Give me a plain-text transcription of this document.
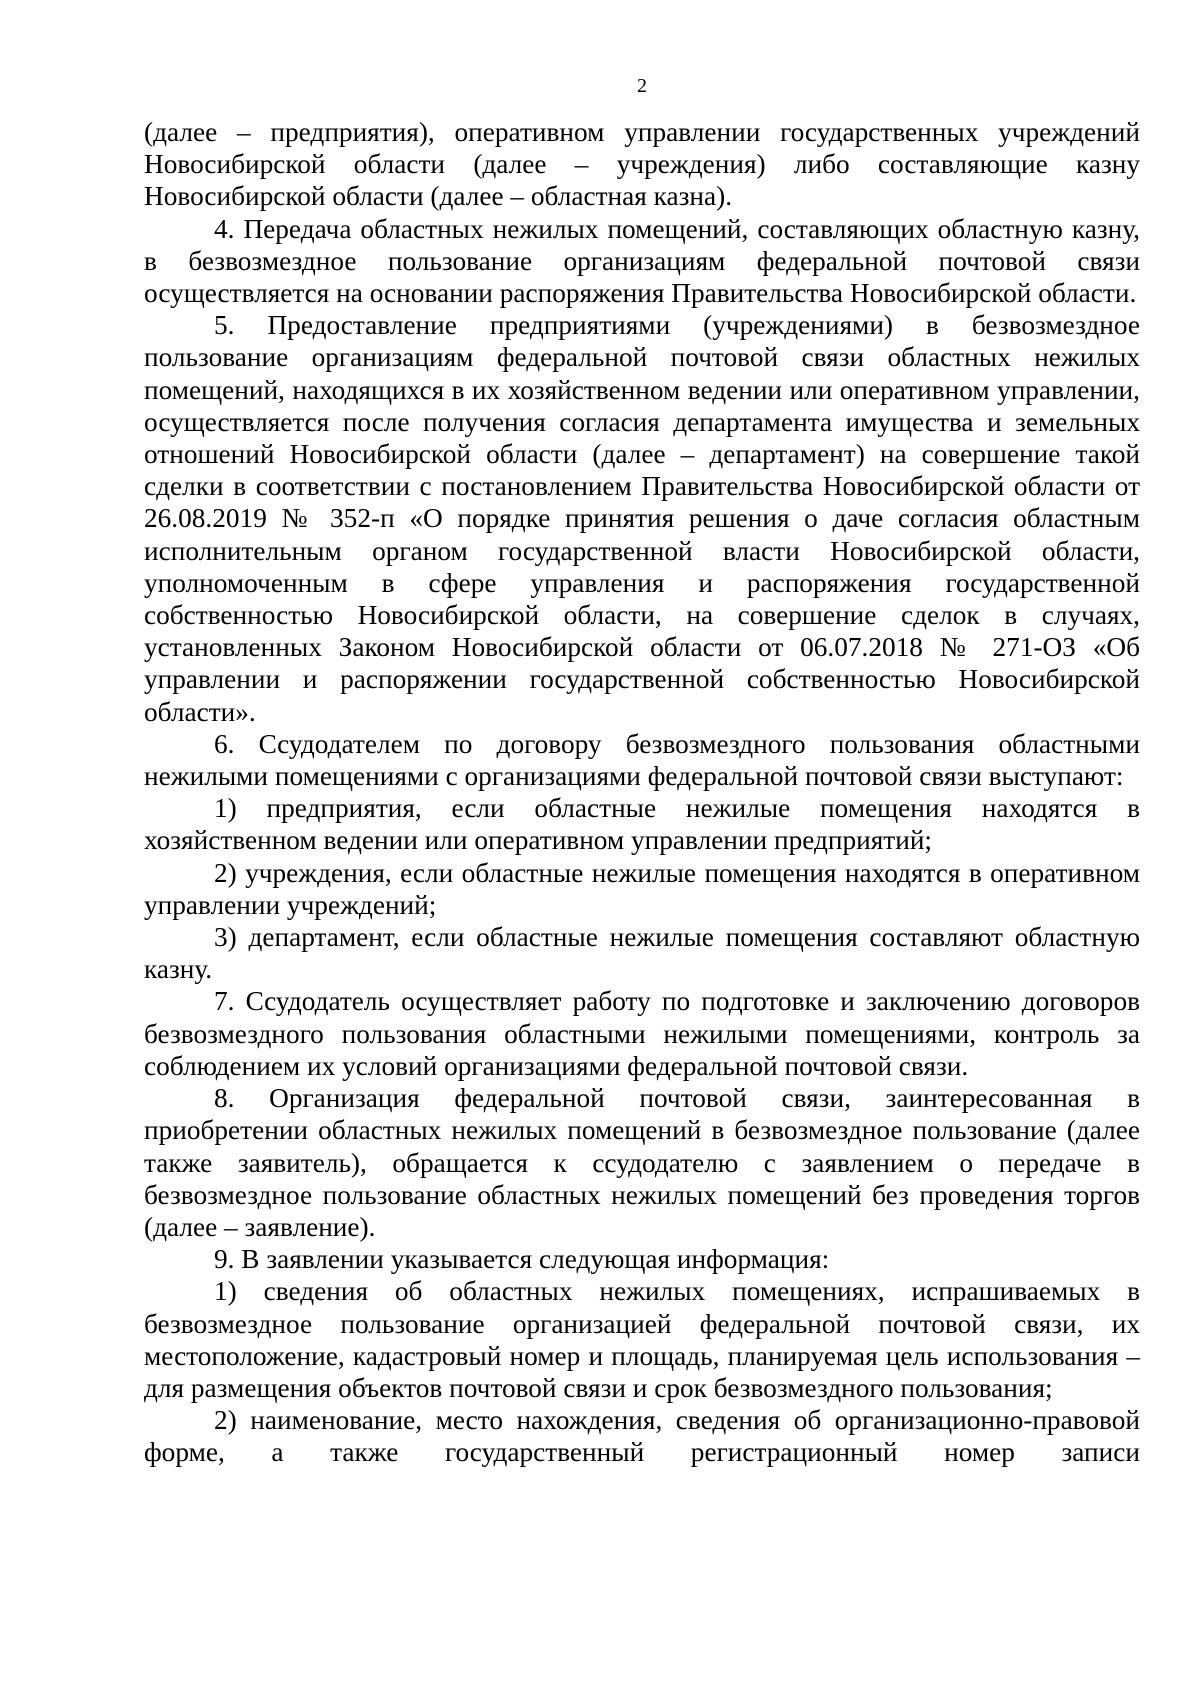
2

(далее – предприятия), оперативном управлении государственных учреждений Новосибирской области (далее – учреждения) либо составляющие казну Новосибирской области (далее – областная казна).

4. Передача областных нежилых помещений, составляющих областную казну, в безвозмездное пользование организациям федеральной почтовой связи осуществляется на основании распоряжения Правительства Новосибирской области.

5. Предоставление предприятиями (учреждениями) в безвозмездное пользование организациям федеральной почтовой связи областных нежилых помещений, находящихся в их хозяйственном ведении или оперативном управлении, осуществляется после получения согласия департамента имущества и земельных отношений Новосибирской области (далее – департамент) на совершение такой сделки в соответствии с постановлением Правительства Новосибирской области от 26.08.2019 № 352-п «О порядке принятия решения о даче согласия областным исполнительным органом государственной власти Новосибирской области, уполномоченным в сфере управления и распоряжения государственной собственностью Новосибирской области, на совершение сделок в случаях, установленных Законом Новосибирской области от 06.07.2018 № 271-ОЗ «Об управлении и распоряжении государственной собственностью Новосибирской области».

6. Ссудодателем по договору безвозмездного пользования областными нежилыми помещениями с организациями федеральной почтовой связи выступают:

1) предприятия, если областные нежилые помещения находятся в хозяйственном ведении или оперативном управлении предприятий;

2) учреждения, если областные нежилые помещения находятся в оперативном управлении учреждений;

3) департамент, если областные нежилые помещения составляют областную казну.

7. Ссудодатель осуществляет работу по подготовке и заключению договоров безвозмездного пользования областными нежилыми помещениями, контроль за соблюдением их условий организациями федеральной почтовой связи.

8. Организация федеральной почтовой связи, заинтересованная в приобретении областных нежилых помещений в безвозмездное пользование (далее также заявитель), обращается к ссудодателю с заявлением о передаче в безвозмездное пользование областных нежилых помещений без проведения торгов (далее – заявление).

9. В заявлении указывается следующая информация:

1) сведения об областных нежилых помещениях, испрашиваемых в безвозмездное пользование организацией федеральной почтовой связи, их местоположение, кадастровый номер и площадь, планируемая цель использования – для размещения объектов почтовой связи и срок безвозмездного пользования;

2) наименование, место нахождения, сведения об организационно-правовой форме, а также государственный регистрационный номер записи
